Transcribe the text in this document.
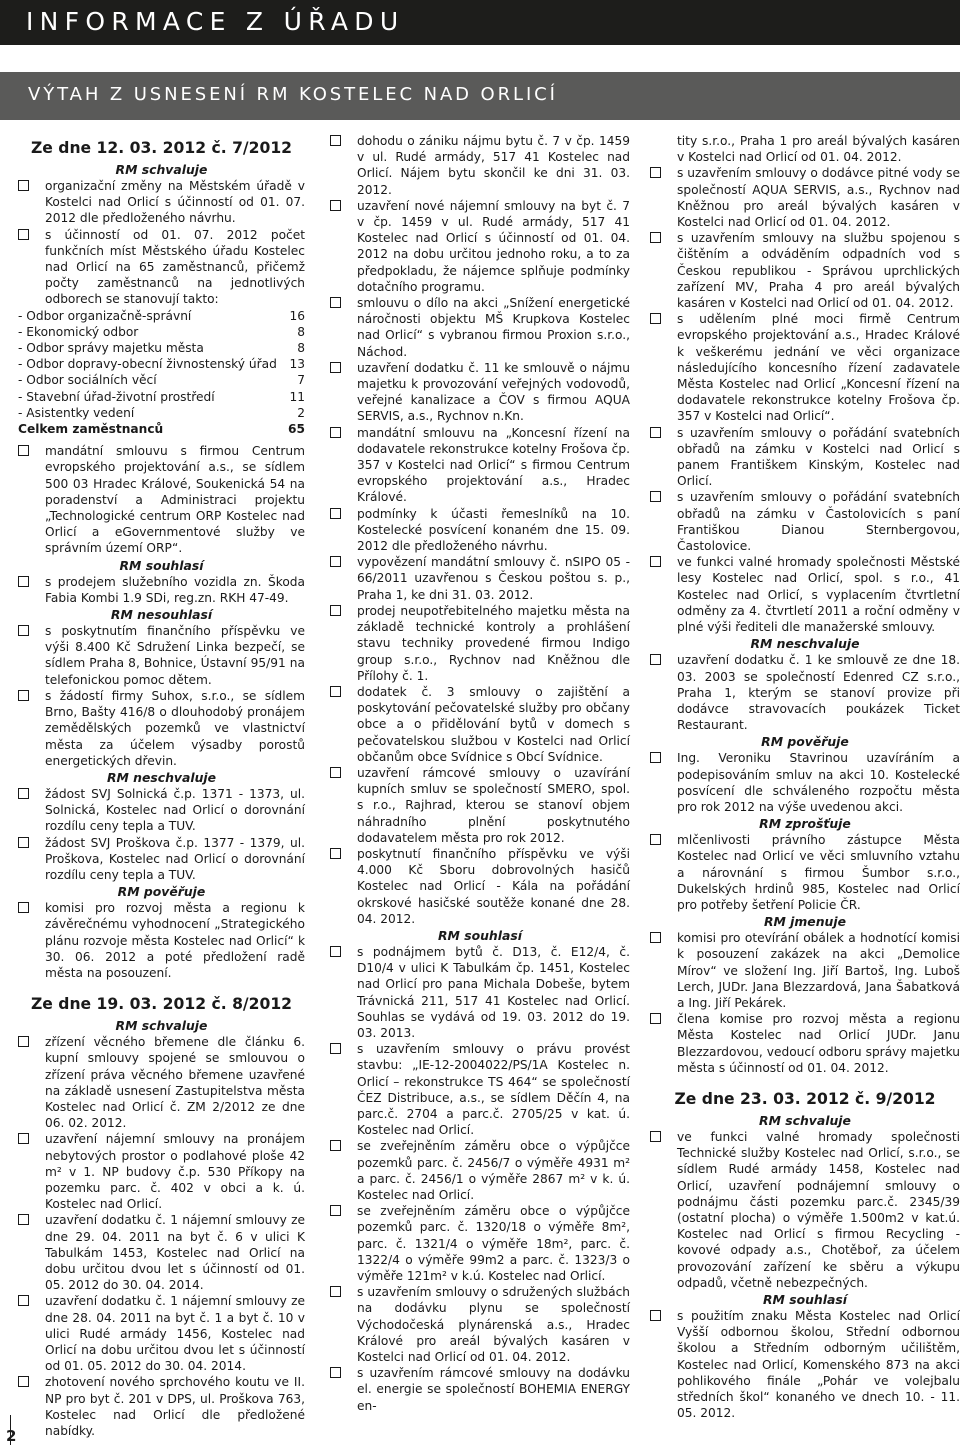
INFORMACE Z ÚŘADU
VÝTAH Z USNESENÍ RM KOSTELEC NAD ORLICÍ
Ze dne 12. 03. 2012 č. 7/2012
RM schvaluje
organizační změny na Městském úřadě v Kostelci nad Orlicí s účinností od 01. 07. 2012 dle předloženého návrhu.
s účinností od 01. 07. 2012 počet funkčních míst Městského úřadu Kostelec nad Orlicí na 65 zaměstnanců, přičemž počty zaměstnanců na jednotlivých odborech se stanovují takto:
- Odbor organizačně-správní	16
- Ekonomický odbor	8
- Odbor správy majetku města	8
- Odbor dopravy-obecní živnostenský úřad	13
- Odbor sociálních věcí	7
- Stavební úřad-životní prostředí	11
- Asistentky vedení	2
Celkem zaměstnanců	65
mandátní smlouvu s firmou Centrum evropského projektování a.s., se sídlem 500 03 Hradec Králové, Soukenická 54 na poradenství a Administraci projektu „Technologické centrum ORP Kostelec nad Orlicí a eGovernmentové služby ve správním území ORP“.
RM souhlasí
s prodejem služebního vozidla zn. Škoda Fabia Kombi 1.9 SDi, reg.zn. RKH 47-49.
RM nesouhlasí
s poskytnutím finančního příspěvku ve výši 8.400 Kč Sdružení Linka bezpečí, se sídlem Praha 8, Bohnice, Ústavní 95/91 na telefonickou pomoc dětem.
s žádostí firmy Suhox, s.r.o., se sídlem Brno, Bašty 416/8 o dlouhodobý pronájem zemědělských pozemků ve vlastnictví města za účelem výsadby porostů energetických dřevin.
RM neschvaluje
žádost SVJ Solnická č.p. 1371 - 1373, ul. Solnická, Kostelec nad Orlicí o dorovnání rozdílu ceny tepla a TUV.
žádost SVJ Proškova č.p. 1377 - 1379, ul. Proškova, Kostelec nad Orlicí o dorovnání rozdílu ceny tepla a TUV.
RM pověřuje
komisi pro rozvoj města a regionu k závěrečnému vyhodnocení „Strategického plánu rozvoje města Kostelec nad Orlicí“ k 30. 06. 2012 a poté předložení radě města na posouzení.
Ze dne 19. 03. 2012 č. 8/2012
RM schvaluje
zřízení věcného břemene dle článku 6. kupní smlouvy spojené se smlouvou o zřízení práva věcného břemene uzavřené na základě usnesení Zastupitelstva města Kostelec nad Orlicí č. ZM 2/2012 ze dne 06. 02. 2012.
uzavření nájemní smlouvy na pronájem nebytových prostor o podlahové ploše 42 m² v 1. NP budovy č.p. 530 Příkopy na pozemku parc. č. 402 v obci a k. ú. Kostelec nad Orlicí.
uzavření dodatku č. 1 nájemní smlouvy ze dne 29. 04. 2011 na byt č. 6 v ulici K Tabulkám 1453, Kostelec nad Orlicí na dobu určitou dvou let s účinností od 01. 05. 2012 do 30. 04. 2014.
uzavření dodatku č. 1 nájemní smlouvy ze dne 28. 04. 2011 na byt č. 1 a byt č. 10 v ulici Rudé armády 1456, Kostelec nad Orlicí na dobu určitou dvou let s účinností od 01. 05. 2012 do 30. 04. 2014.
zhotovení nového sprchového koutu ve II. NP pro byt č. 201 v DPS, ul. Proškova 763, Kostelec nad Orlicí dle předložené nabídky.
dohodu o zániku nájmu bytu č. 7 v čp. 1459 v ul. Rudé armády, 517 41 Kostelec nad Orlicí. Nájem bytu skončil ke dni 31. 03. 2012.
uzavření nové nájemní smlouvy na byt č. 7 v čp. 1459 v ul. Rudé armády, 517 41 Kostelec nad Orlicí s účinností od 01. 04. 2012 na dobu určitou jednoho roku, a to za předpokladu, že nájemce splňuje podmínky dotačního programu.
smlouvu o dílo na akci „Snížení energetické náročnosti objektu MŠ Krupkova Kostelec nad Orlicí“ s vybranou firmou Proxion s.r.o., Náchod.
uzavření dodatku č. 11 ke smlouvě o nájmu majetku k provozování veřejných vodovodů, veřejné kanalizace a ČOV s firmou AQUA SERVIS, a.s., Rychnov n.Kn.
mandátní smlouvu na „Koncesní řízení na dodavatele rekonstrukce kotelny Frošova čp. 357 v Kostelci nad Orlicí“ s firmou Centrum evropského projektování a.s., Hradec Králové.
podmínky k účasti řemeslníků na 10. Kostelecké posvícení konaném dne 15. 09. 2012 dle předloženého návrhu.
vypovězení mandátní smlouvy č. nSIPO 05 - 66/2011 uzavřenou s Českou poštou s. p., Praha 1, ke dni 31. 03. 2012.
prodej neupotřebitelného majetku města na základě technické kontroly a prohlášení stavu techniky provedené firmou Indigo group s.r.o., Rychnov nad Kněžnou dle Přílohy č. 1.
dodatek č. 3 smlouvy o zajištění a poskytování pečovatelské služby pro občany obce a o přidělování bytů v domech s pečovatelskou službou v Kostelci nad Orlicí občanům obce Svídnice s Obcí Svídnice.
uzavření rámcové smlouvy o uzavírání kupních smluv se společností SMERO, spol. s r.o., Rajhrad, kterou se stanoví objem náhradního plnění poskytnutého dodavatelem města pro rok 2012.
poskytnutí finančního příspěvku ve výši 4.000 Kč Sboru dobrovolných hasičů Kostelec nad Orlicí - Kála na pořádání okrskové hasičské soutěže konané dne 28. 04. 2012.
RM souhlasí
s podnájmem bytů č. D13, č. E12/4, č. D10/4 v ulici K Tabulkám čp. 1451, Kostelec nad Orlicí pro pana Michala Dobeše, bytem Trávnická 211, 517 41 Kostelec nad Orlicí. Souhlas se vydává od 19. 03. 2012 do 19. 03. 2013.
s uzavřením smlouvy o právu provést stavbu: „IE-12-2004022/PS/1A Kostelec n. Orlicí – rekonstrukce TS 464“ se společností ČEZ Distribuce, a.s., se sídlem Děčín 4, na parc.č. 2704 a parc.č. 2705/25 v kat. ú. Kostelec nad Orlicí.
se zveřejněním záměru obce o výpůjčce pozemků parc. č. 2456/7 o výměře 4931 m² a parc. č. 2456/1 o výměře 2867 m² v k. ú. Kostelec nad Orlicí.
se zveřejněním záměru obce o výpůjčce pozemků parc. č. 1320/18 o výměře 8m², parc. č. 1321/4 o výměře 18m², parc. č. 1322/4 o výměře 99m2 a parc. č. 1323/3 o výměře 121m² v k.ú. Kostelec nad Orlicí.
s uzavřením smlouvy o sdružených službách na dodávku plynu se společností Východočeská plynárenská a.s., Hradec Králové pro areál bývalých kasáren v Kostelci nad Orlicí od 01. 04. 2012.
s uzavřením rámcové smlouvy na dodávku el. energie se společností BOHEMIA ENERGY en-
tity s.r.o., Praha 1 pro areál bývalých kasáren v Kostelci nad Orlicí od 01. 04. 2012.
s uzavřením smlouvy o dodávce pitné vody se společností AQUA SERVIS, a.s., Rychnov nad Kněžnou pro areál bývalých kasáren v Kostelci nad Orlicí od 01. 04. 2012.
s uzavřením smlouvy na službu spojenou s čištěním a odváděním odpadních vod s Českou republikou - Správou uprchlických zařízení MV, Praha 4 pro areál bývalých kasáren v Kostelci nad Orlicí od 01. 04. 2012.
s udělením plné moci firmě Centrum evropského projektování a.s., Hradec Králové k veškerému jednání ve věci organizace následujícího koncesního řízení zadavatele Města Kostelec nad Orlicí „Koncesní řízení na dodavatele rekonstrukce kotelny Frošova čp. 357 v Kostelci nad Orlicí“.
s uzavřením smlouvy o pořádání svatebních obřadů na zámku v Kostelci nad Orlicí s panem Františkem Kinským, Kostelec nad Orlicí.
s uzavřením smlouvy o pořádání svatebních obřadů na zámku v Častolovicích s paní Františkou Dianou Sternbergovou, Častolovice.
ve funkci valné hromady společnosti Městské lesy Kostelec nad Orlicí, spol. s r.o., 41 Kostelec nad Orlicí, s vyplacením čtvrtletní odměny za 4. čtvrtletí 2011 a roční odměny v plné výši řediteli dle manažerské smlouvy.
RM neschvaluje
uzavření dodatku č. 1 ke smlouvě ze dne 18. 03. 2003 se společností Edenred CZ s.r.o., Praha 1, kterým se stanoví provize při dodávce stravovacích poukázek Ticket Restaurant.
RM pověřuje
Ing. Veroniku Stavrinou uzavíráním a podepisováním smluv na akci 10. Kostelecké posvícení dle schváleného rozpočtu města pro rok 2012 na výše uvedenou akci.
RM zprošťuje
mlčenlivosti právního zástupce Města Kostelec nad Orlicí ve věci smluvního vztahu a nárovnání s firmou Šumbor s.r.o., Dukelských hrdinů 985, Kostelec nad Orlicí pro potřeby šetření Policie ČR.
RM jmenuje
komisi pro otevírání obálek a hodnotící komisi k posouzení zakázek na akci „Demolice Mírov“ ve složení Ing. Jiří Bartoš, Ing. Luboš Lerch, JUDr. Jana Blezzardová, Jana Šabatková a Ing. Jiří Pekárek.
člena komise pro rozvoj města a regionu Města Kostelec nad Orlicí JUDr. Janu Blezzardovou, vedoucí odboru správy majetku města s účinností od 01. 04. 2012.
Ze dne 23. 03. 2012 č. 9/2012
RM schvaluje
ve funkci valné hromady společnosti Technické služby Kostelec nad Orlicí, s.r.o., se sídlem Rudé armády 1458, Kostelec nad Orlicí, uzavření podnájemní smlouvy o podnájmu části pozemku parc.č. 2345/39 (ostatní plocha) o výměře 1.500m2 v kat.ú. Kostelec nad Orlicí s firmou Recycling - kovové odpady a.s., Chotěboř, za účelem provozování zařízení ke sběru a výkupu odpadů, včetně nebezpečných.
RM souhlasí
s použitím znaku Města Kostelec nad Orlicí Vyšší odbornou školou, Střední odbornou školou a Středním odborným učilištěm, Kostelec nad Orlicí, Komenského 873 na akci pohlikového finále „Pohár ve volejbalu středních škol“ konaného ve dnech 10. - 11. 05. 2012.
2
